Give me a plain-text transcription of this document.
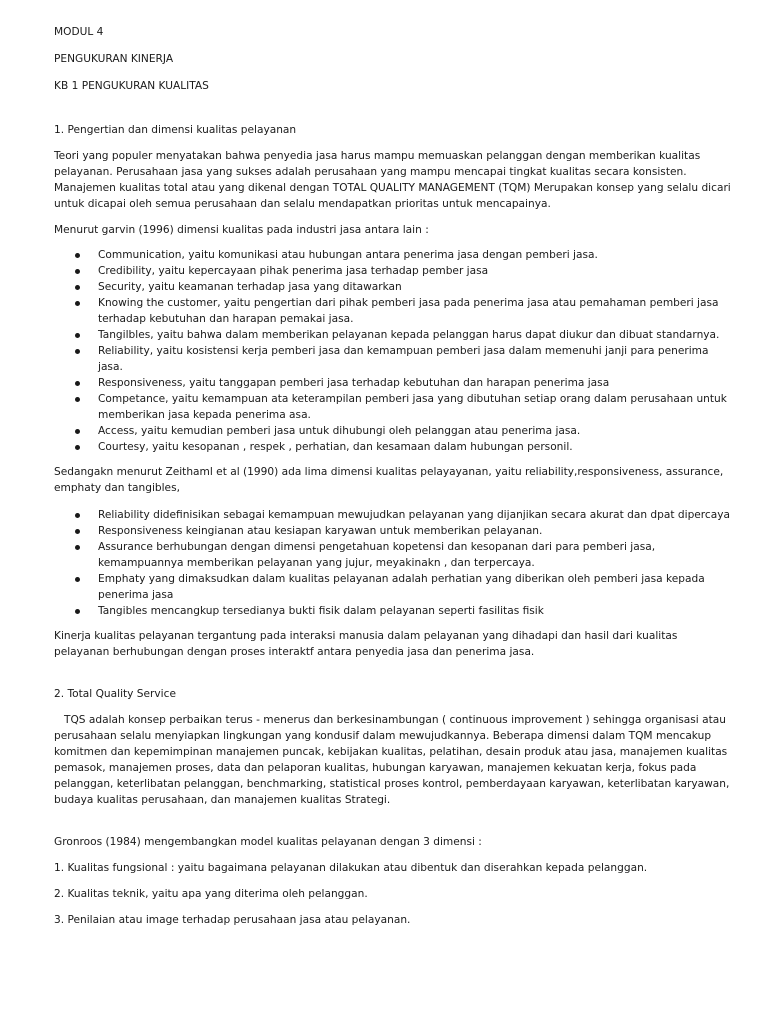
MODUL 4

PENGUKURAN KINERJA

KB 1 PENGUKURAN KUALITAS

1. Pengertian dan dimensi kualitas pelayanan

Teori yang populer menyatakan bahwa penyedia jasa harus mampu memuaskan pelanggan dengan memberikan kualitas pelayanan. Perusahaan jasa yang sukses adalah perusahaan yang mampu mencapai tingkat kualitas secara konsisten. Manajemen kualitas total atau yang dikenal dengan TOTAL QUALITY MANAGEMENT (TQM) Merupakan konsep yang selalu dicari untuk dicapai oleh semua perusahaan dan selalu mendapatkan prioritas untuk mencapainya.

Menurut garvin (1996) dimensi kualitas pada industri jasa antara lain :

Communication, yaitu komunikasi atau hubungan antara penerima jasa dengan pemberi jasa.
Credibility, yaitu kepercayaan pihak penerima jasa terhadap pember jasa
Security, yaitu keamanan terhadap jasa yang ditawarkan
Knowing the customer, yaitu pengertian dari pihak pemberi jasa pada penerima jasa atau pemahaman pemberi jasa terhadap kebutuhan dan harapan pemakai jasa.
Tangilbles, yaitu bahwa dalam memberikan pelayanan kepada pelanggan harus dapat diukur dan dibuat standarnya.
Reliability, yaitu kosistensi kerja pemberi jasa dan kemampuan pemberi jasa dalam memenuhi janji para penerima jasa.
Responsiveness, yaitu tanggapan pemberi jasa terhadap kebutuhan dan harapan penerima jasa
Competance, yaitu kemampuan ata keterampilan pemberi jasa yang dibutuhan setiap orang dalam perusahaan untuk memberikan jasa kepada penerima asa.
Access, yaitu kemudian pemberi jasa untuk dihubungi oleh pelanggan atau penerima jasa.
Courtesy, yaitu kesopanan , respek , perhatian, dan kesamaan dalam hubungan personil.

Sedangakn menurut Zeithaml et al (1990) ada lima dimensi kualitas pelayayanan, yaitu reliability,responsiveness, assurance, emphaty dan tangibles,

Reliability didefinisikan sebagai kemampuan mewujudkan pelayanan yang dijanjikan secara akurat dan dpat dipercaya
Responsiveness keingianan atau kesiapan karyawan untuk memberikan pelayanan.
Assurance berhubungan dengan dimensi pengetahuan kopetensi dan kesopanan dari para pemberi jasa, kemampuannya memberikan pelayanan yang jujur, meyakinakn , dan terpercaya.
Emphaty yang dimaksudkan dalam kualitas pelayanan adalah perhatian yang diberikan oleh pemberi jasa kepada penerima jasa
Tangibles mencangkup tersedianya bukti fisik dalam pelayanan seperti fasilitas fisik

Kinerja kualitas pelayanan tergantung pada interaksi manusia dalam pelayanan yang dihadapi dan hasil dari kualitas pelayanan berhubungan dengan proses interaktf antara penyedia jasa dan penerima jasa.

2. Total Quality Service

TQS adalah konsep perbaikan terus - menerus dan berkesinambungan ( continuous improvement ) sehingga organisasi atau perusahaan selalu menyiapkan lingkungan yang kondusif dalam mewujudkannya. Beberapa dimensi dalam TQM mencakup komitmen dan kepemimpinan manajemen puncak, kebijakan kualitas, pelatihan, desain produk atau jasa, manajemen kualitas pemasok, manajemen proses, data dan pelaporan kualitas, hubungan karyawan, manajemen kekuatan kerja, fokus pada pelanggan, keterlibatan pelanggan, benchmarking, statistical proses kontrol, pemberdayaan karyawan, keterlibatan karyawan, budaya kualitas perusahaan, dan manajemen kualitas Strategi.

Gronroos (1984) mengembangkan model kualitas pelayanan dengan 3 dimensi :

1. Kualitas fungsional : yaitu bagaimana pelayanan dilakukan atau dibentuk dan diserahkan kepada pelanggan.

2. Kualitas teknik, yaitu apa yang diterima oleh pelanggan.

3. Penilaian atau image terhadap perusahaan jasa atau pelayanan.
